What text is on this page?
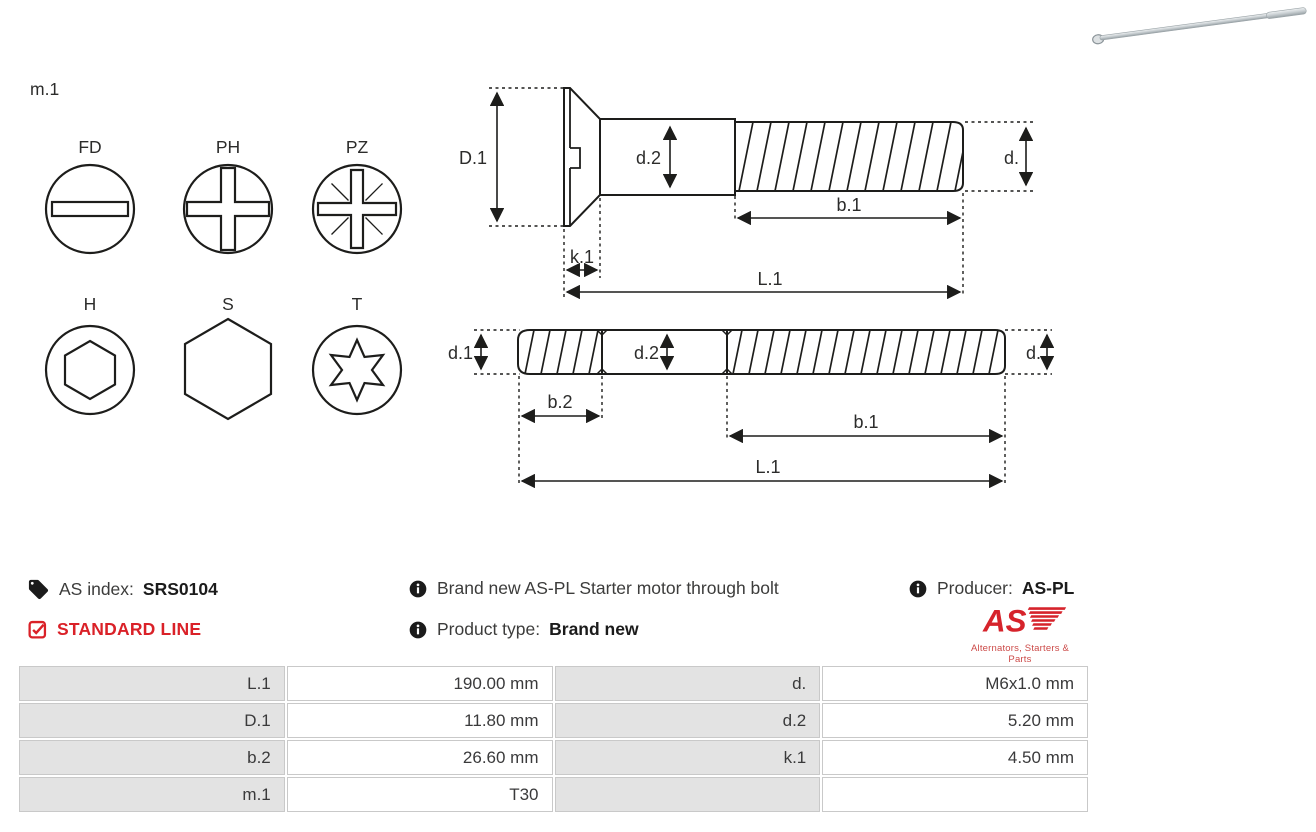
m.1
FD	PH	PZ
H	S	T
D.1	d.2	d.
b.1
k.1
L.1
d.1	d.2	d.
b.2
b.1
L.1
AS index: SRS0104
STANDARD LINE
Brand new AS-PL Starter motor through bolt
Product type: Brand new
Producer: AS-PL
AS
Alternators, Starters & Parts
L.1	190.00 mm	d.	M6x1.0 mm
D.1	11.80 mm	d.2	5.20 mm
b.2	26.60 mm	k.1	4.50 mm
m.1	T30		
